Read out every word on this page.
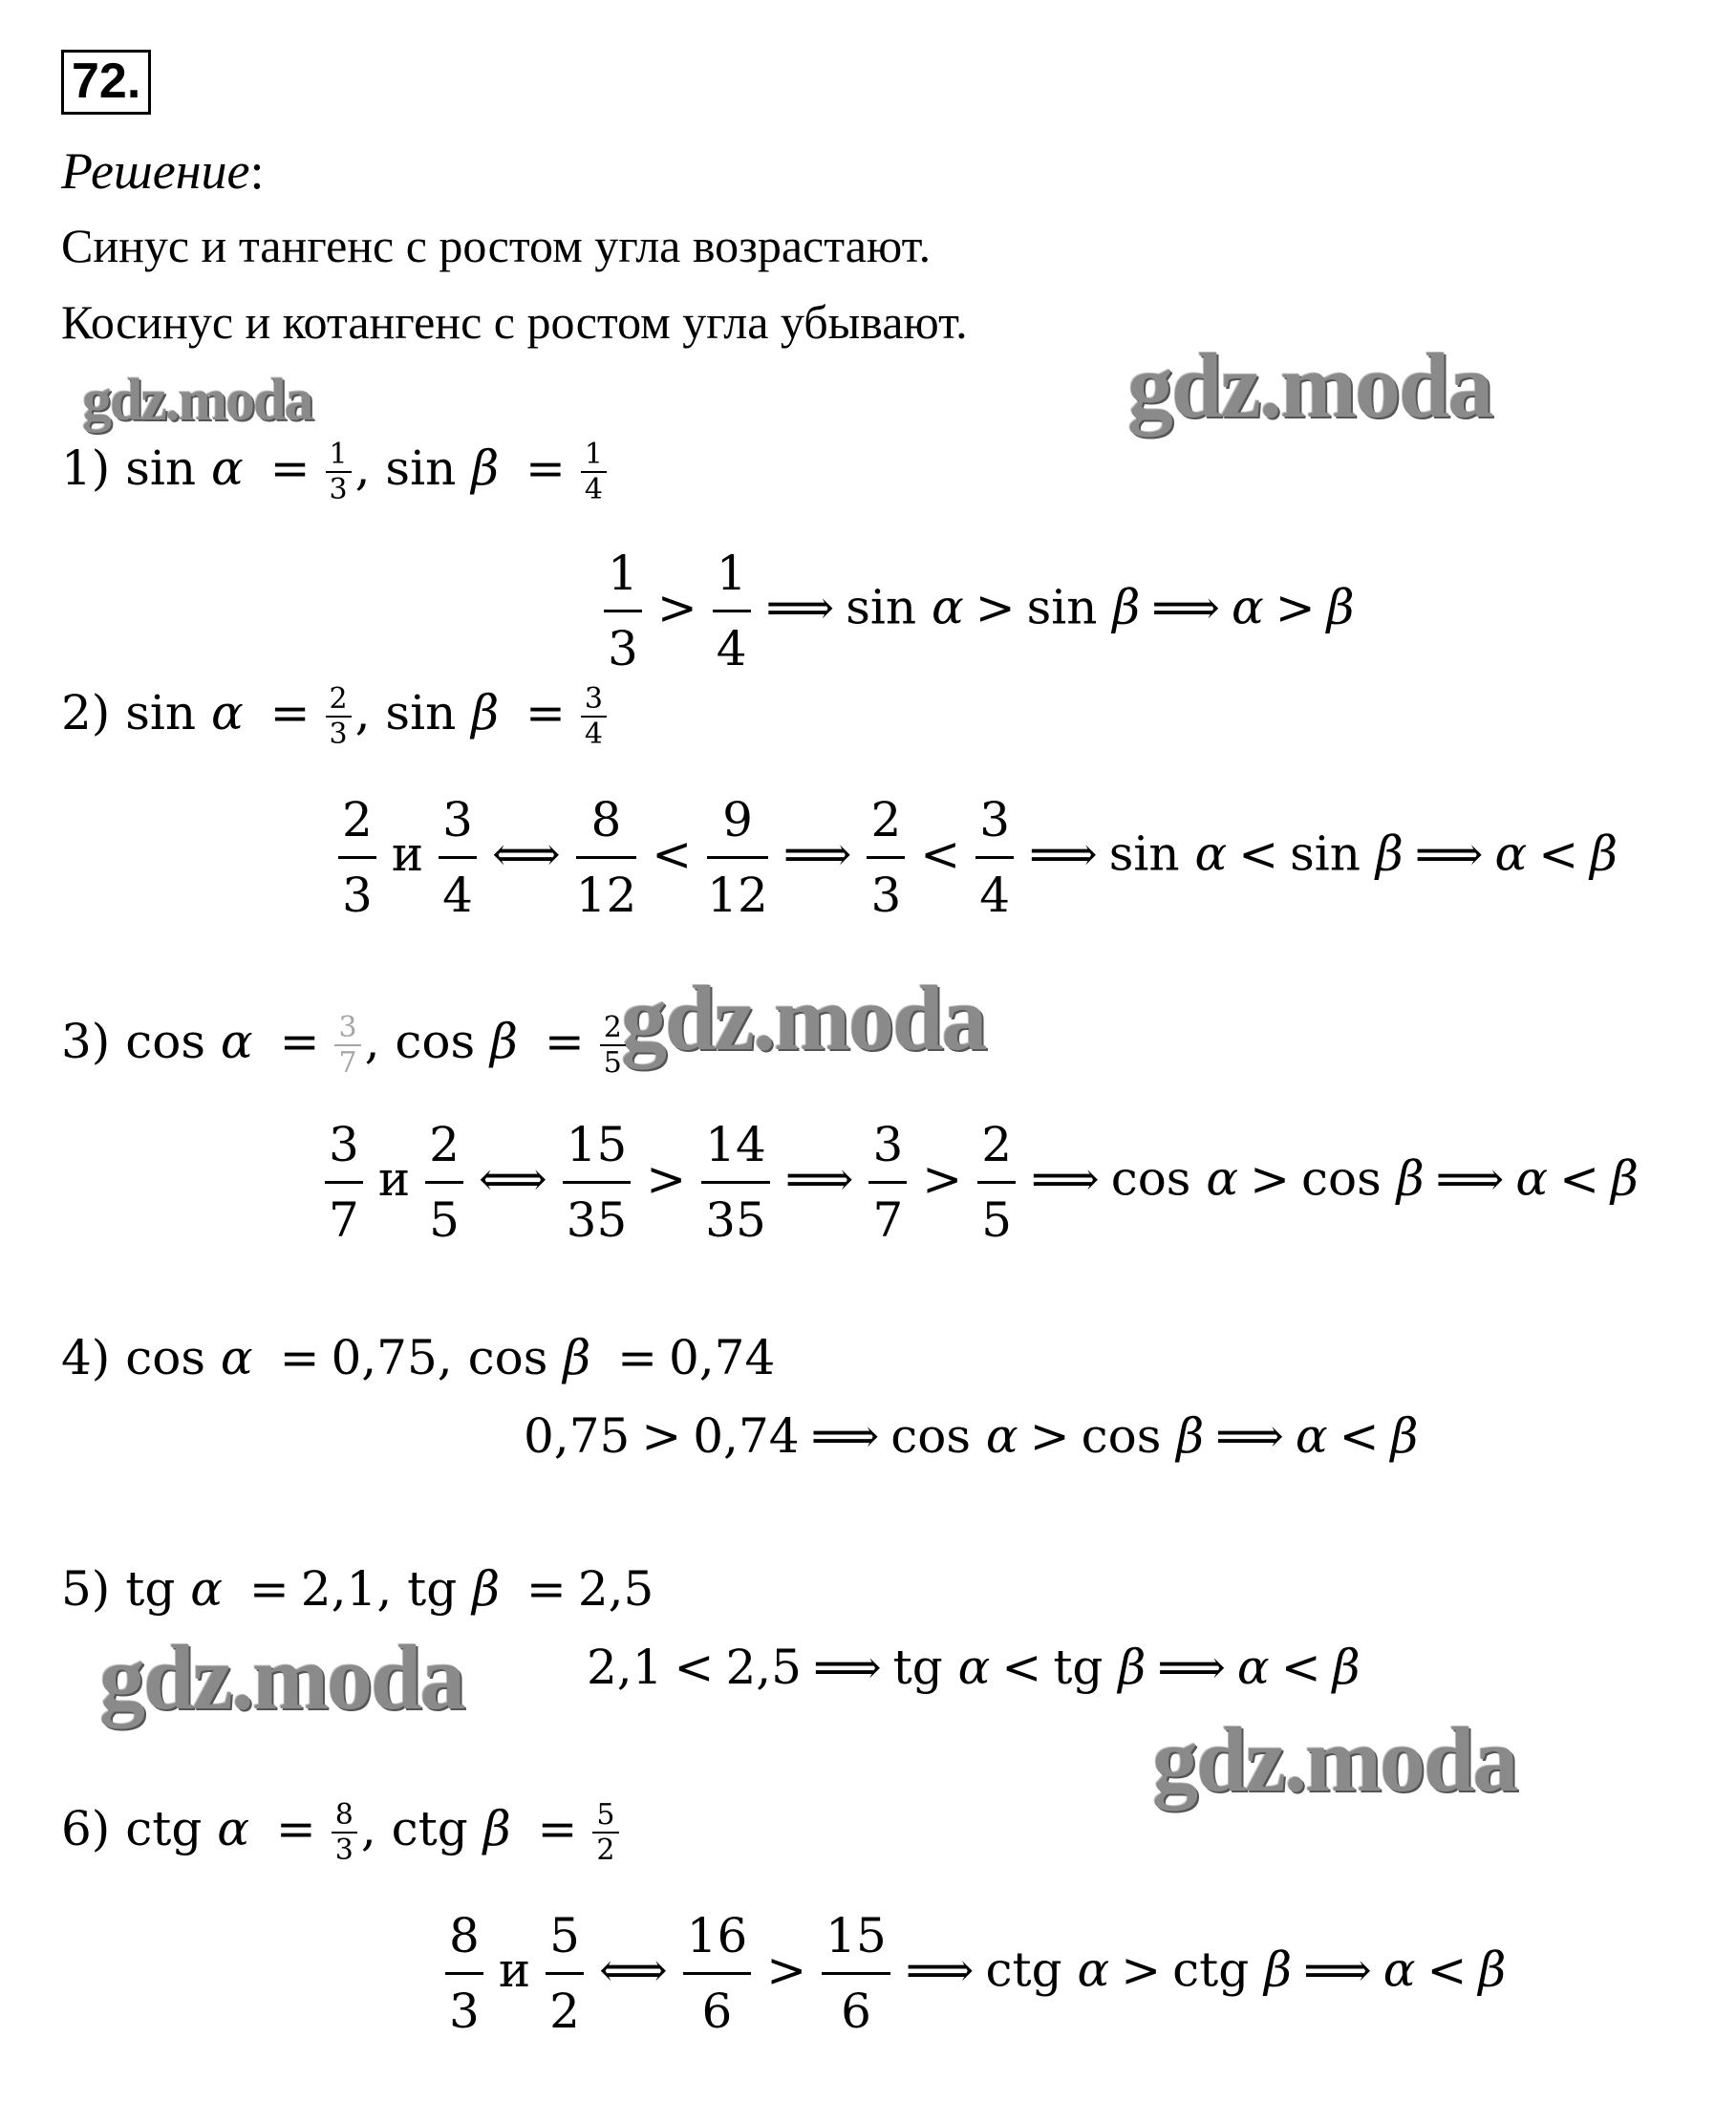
72.
Решение:
Синус и тангенс с ростом угла возрастают.
Косинус и котангенс с ростом угла убывают.
gdz.moda	gdz.moda
gdz.moda
gdz.moda
gdz.moda
1) $\sin \alpha = \frac{1}{3}$ , $\sin \beta = \frac{1}{4}$
$\frac{1}{3} > \frac{1}{4}$ ⟹ sin α > sin β ⟹ α > β
2) $\sin \alpha = \frac{2}{3}$ , $\sin \beta = \frac{3}{4}$
$\frac{2}{3}$ и $\frac{3}{4}$ ⟺ $\frac{8}{12} < \frac{9}{12}$ ⟹ $\frac{2}{3} < \frac{3}{4}$ ⟹ sin α < sin β ⟹ α < β
3) $\cos \alpha = \frac{3}{7}$ , $\cos \beta = \frac{2}{5}$
$\frac{3}{7}$ и $\frac{2}{5}$ ⟺ $\frac{15}{35} > \frac{14}{35}$ ⟹ $\frac{3}{7} > \frac{2}{5}$ ⟹ cos α > cos β ⟹ α < β
4) cos α = 0,75, cos β = 0,74
0,75 > 0,74 ⟹ cos α > cos β ⟹ α < β
5) tg α = 2,1, tg β = 2,5
2,1 < 2,5 ⟹ tg α < tg β ⟹ α < β
6) ctg $\alpha = \frac{8}{3}$ , ctg $\beta = \frac{5}{2}$
$\frac{8}{3}$ и $\frac{5}{2}$ ⟺ $\frac{16}{6} > \frac{15}{6}$ ⟹ ctg α > ctg β ⟹ α < β
